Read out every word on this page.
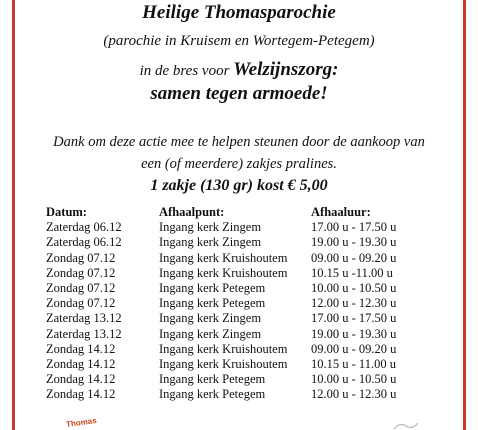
Heilige Thomasparochie
(parochie in Kruisem en Wortegem-Petegem)
in de bres voor Welzijnszorg:
samen tegen armoede!
Dank om deze actie mee te helpen steunen door de aankoop van
een (of meerdere) zakjes pralines.
1 zakje (130 gr) kost € 5,00
Datum:	Afhaalpunt:	Afhaaluur:
Zaterdag 06.12	Ingang kerk Zingem	17.00 u - 17.50 u
Zaterdag 06.12	Ingang kerk Zingem	19.00 u - 19.30 u
Zondag 07.12	Ingang kerk Kruishoutem	09.00 u - 09.20 u
Zondag 07.12	Ingang kerk Kruishoutem	10.15 u -11.00 u
Zondag 07.12	Ingang kerk Petegem	10.00 u - 10.50 u
Zondag 07.12	Ingang kerk Petegem	12.00 u - 12.30 u
Zaterdag 13.12	Ingang kerk Zingem	17.00 u - 17.50 u
Zaterdag 13.12	Ingang kerk Zingem	19.00 u - 19.30 u
Zondag 14.12	Ingang kerk Kruishoutem	09.00 u - 09.20 u
Zondag 14.12	Ingang kerk Kruishoutem	10.15 u - 11.00 u
Zondag 14.12	Ingang kerk Petegem	10.00 u - 10.50 u
Zondag 14.12	Ingang kerk Petegem	12.00 u - 12.30 u
Thomas
